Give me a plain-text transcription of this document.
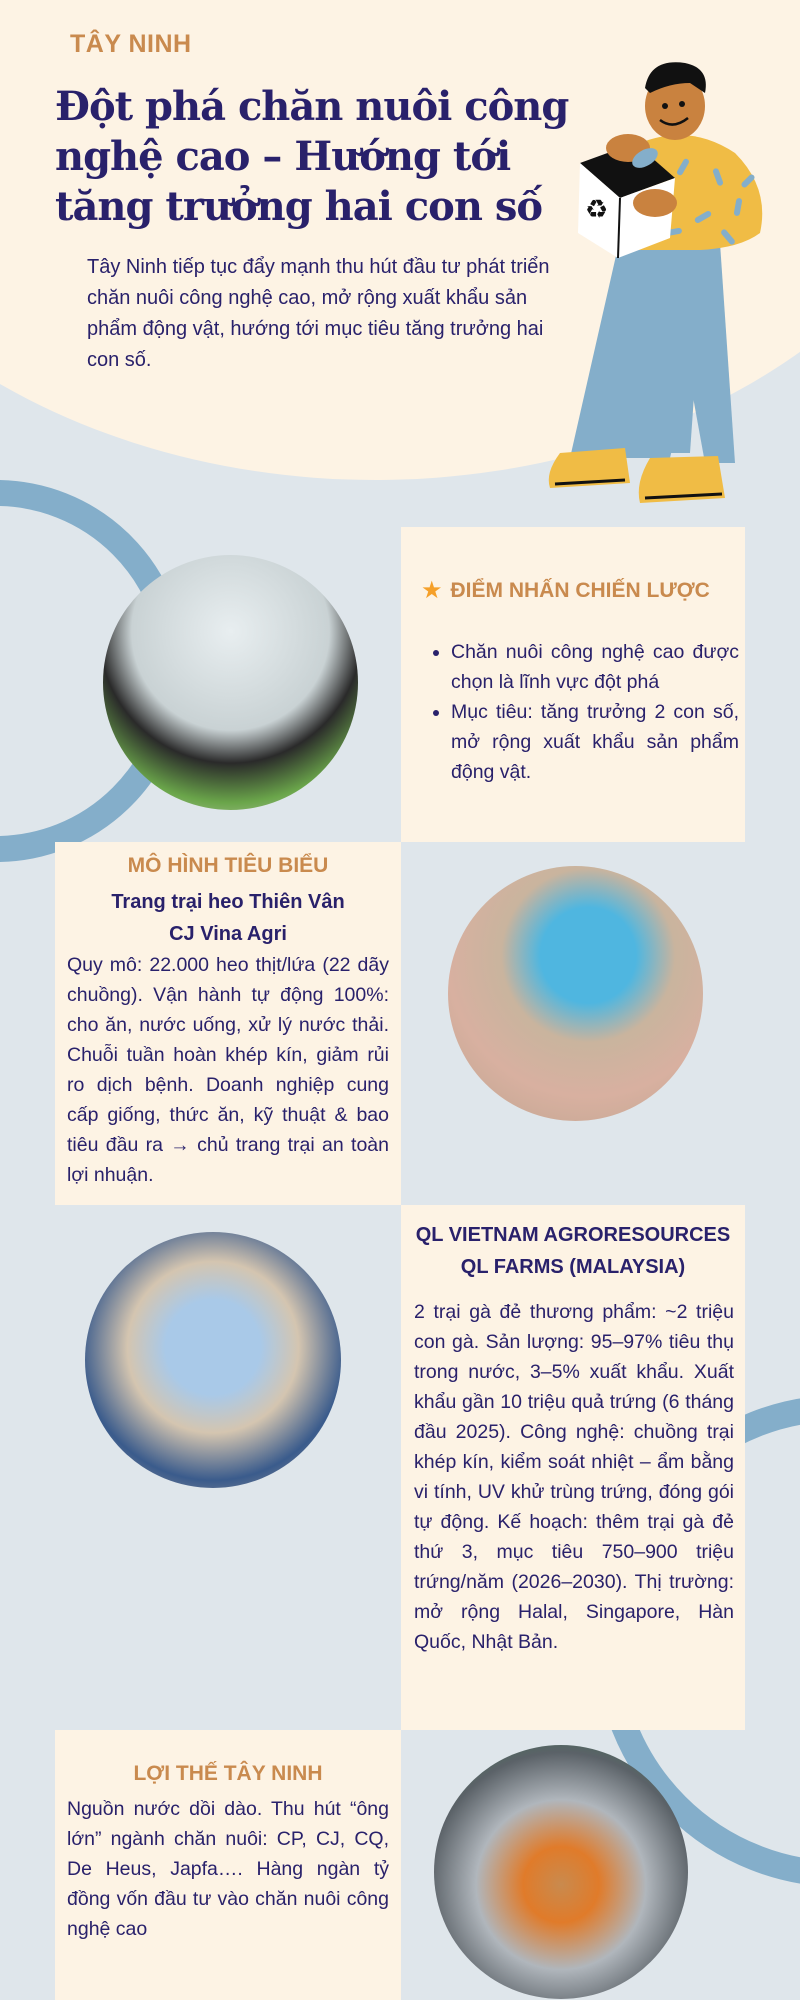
TÂY NINH
Đột phá chăn nuôi công nghệ cao – Hướng tới tăng trưởng hai con số

Tây Ninh tiếp tục đẩy mạnh thu hút đầu tư phát triển chăn nuôi công nghệ cao, mở rộng xuất khẩu sản phẩm động vật, hướng tới mục tiêu tăng trưởng hai con số.

♻
★ ĐIỂM NHẤN CHIẾN LƯỢC
• Chăn nuôi công nghệ cao được chọn là lĩnh vực đột phá
• Mục tiêu: tăng trưởng 2 con số, mở rộng xuất khẩu sản phẩm động vật.
MÔ HÌNH TIÊU BIỂU
Trang trại heo Thiên Vân
CJ Vina Agri
Quy mô: 22.000 heo thịt/lứa (22 dãy chuồng). Vận hành tự động 100%: cho ăn, nước uống, xử lý nước thải. Chuỗi tuần hoàn khép kín, giảm rủi ro dịch bệnh. Doanh nghiệp cung cấp giống, thức ăn, kỹ thuật & bao tiêu đầu ra → chủ trang trại an toàn lợi nhuận.
QL VIETNAM AGRORESOURCES
QL FARMS (MALAYSIA)
2 trại gà đẻ thương phẩm: ~2 triệu con gà. Sản lượng: 95–97% tiêu thụ trong nước, 3–5% xuất khẩu. Xuất khẩu gần 10 triệu quả trứng (6 tháng đầu 2025). Công nghệ: chuồng trại khép kín, kiểm soát nhiệt – ẩm bằng vi tính, UV khử trùng trứng, đóng gói tự động. Kế hoạch: thêm trại gà đẻ thứ 3, mục tiêu 750–900 triệu trứng/năm (2026–2030). Thị trường: mở rộng Halal, Singapore, Hàn Quốc, Nhật Bản.
LỢI THẾ TÂY NINH
Nguồn nước dồi dào. Thu hút “ông lớn” ngành chăn nuôi: CP, CJ, CQ, De Heus, Japfa…. Hàng ngàn tỷ đồng vốn đầu tư vào chăn nuôi công nghệ cao
